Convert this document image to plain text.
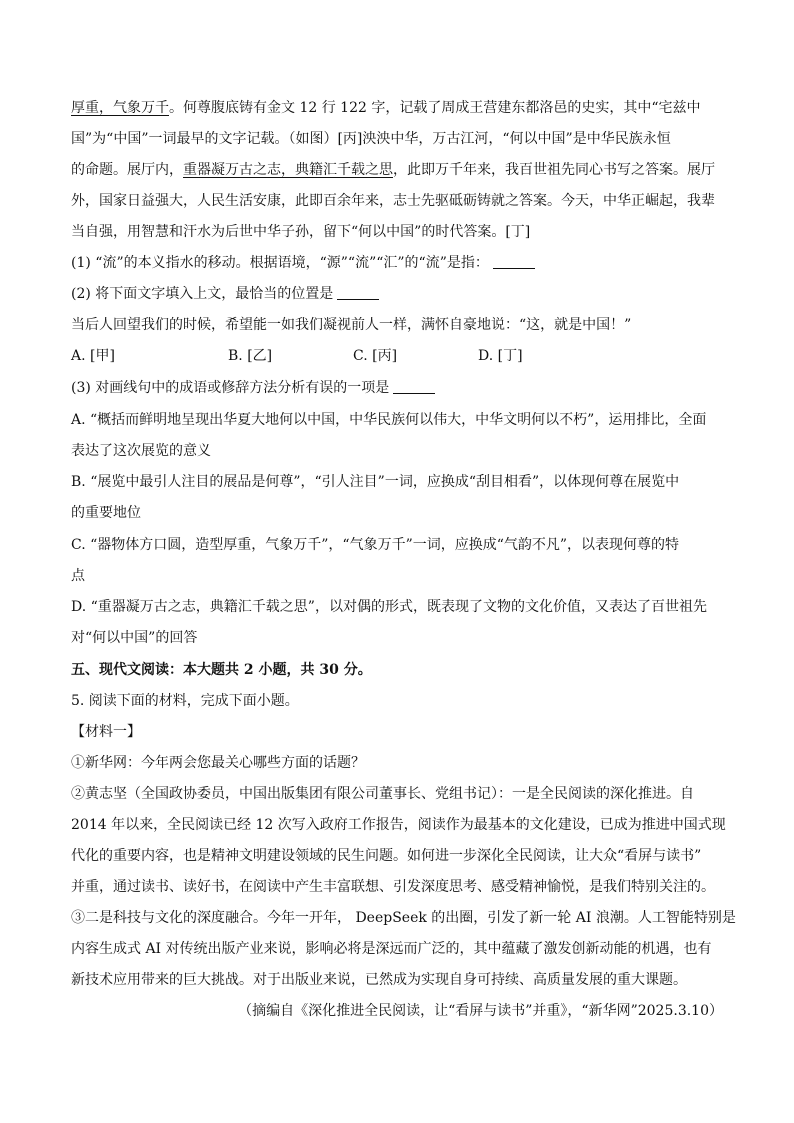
厚重，气象万千。何尊腹底铸有金文 12 行 122 字，记载了周成王营建东都洛邑的史实，其中“宅兹中
国”为“中国”一词最早的文字记载。（如图）[丙]泱泱中华，万古江河，“何以中国”是中华民族永恒
的命题。展厅内，重器凝万古之志，典籍汇千载之思，此即万千年来，我百世祖先同心书写之答案。展厅
外，国家日益强大，人民生活安康，此即百余年来，志士先驱砥砺铸就之答案。今天，中华正崛起，我辈
当自强，用智慧和汗水为后世中华子孙，留下“何以中国”的时代答案。[丁]
(1) “流”的本义指水的移动。根据语境，“源”“流”“汇”的“流”是指：
(2) 将下面文字填入上文，最恰当的位置是
当后人回望我们的时候，希望能一如我们凝视前人一样，满怀自豪地说：“这，就是中国！”
A. [甲]	B. [乙]	C. [丙]	D. [丁]
(3) 对画线句中的成语或修辞方法分析有误的一项是
A. “概括而鲜明地呈现出华夏大地何以中国，中华民族何以伟大，中华文明何以不朽”，运用排比，全面
表达了这次展览的意义
B. “展览中最引人注目的展品是何尊”，“引人注目”一词，应换成“刮目相看”，以体现何尊在展览中
的重要地位
C. “器物体方口圆，造型厚重，气象万千”，“气象万千”一词，应换成“气韵不凡”，以表现何尊的特
点
D. “重器凝万古之志，典籍汇千载之思”，以对偶的形式，既表现了文物的文化价值，又表达了百世祖先
对“何以中国”的回答
五、现代文阅读：本大题共 2 小题，共 30 分。
5. 阅读下面的材料，完成下面小题。
【材料一】
①新华网：今年两会您最关心哪些方面的话题？
②黄志坚（全国政协委员，中国出版集团有限公司董事长、党组书记）：一是全民阅读的深化推进。自
2014 年以来，全民阅读已经 12 次写入政府工作报告，阅读作为最基本的文化建设，已成为推进中国式现
代化的重要内容，也是精神文明建设领域的民生问题。如何进一步深化全民阅读，让大众“看屏与读书”
并重，通过读书、读好书，在阅读中产生丰富联想、引发深度思考、感受精神愉悦，是我们特别关注的。
③二是科技与文化的深度融合。今年一开年， DeepSeek 的出圈，引发了新一轮 AI 浪潮。人工智能特别是
内容生成式 AI 对传统出版产业来说，影响必将是深远而广泛的，其中蕴藏了激发创新动能的机遇，也有
新技术应用带来的巨大挑战。对于出版业来说，已然成为实现自身可持续、高质量发展的重大课题。
（摘编自《深化推进全民阅读，让“看屏与读书”并重》，“新华网”2025.3.10）
